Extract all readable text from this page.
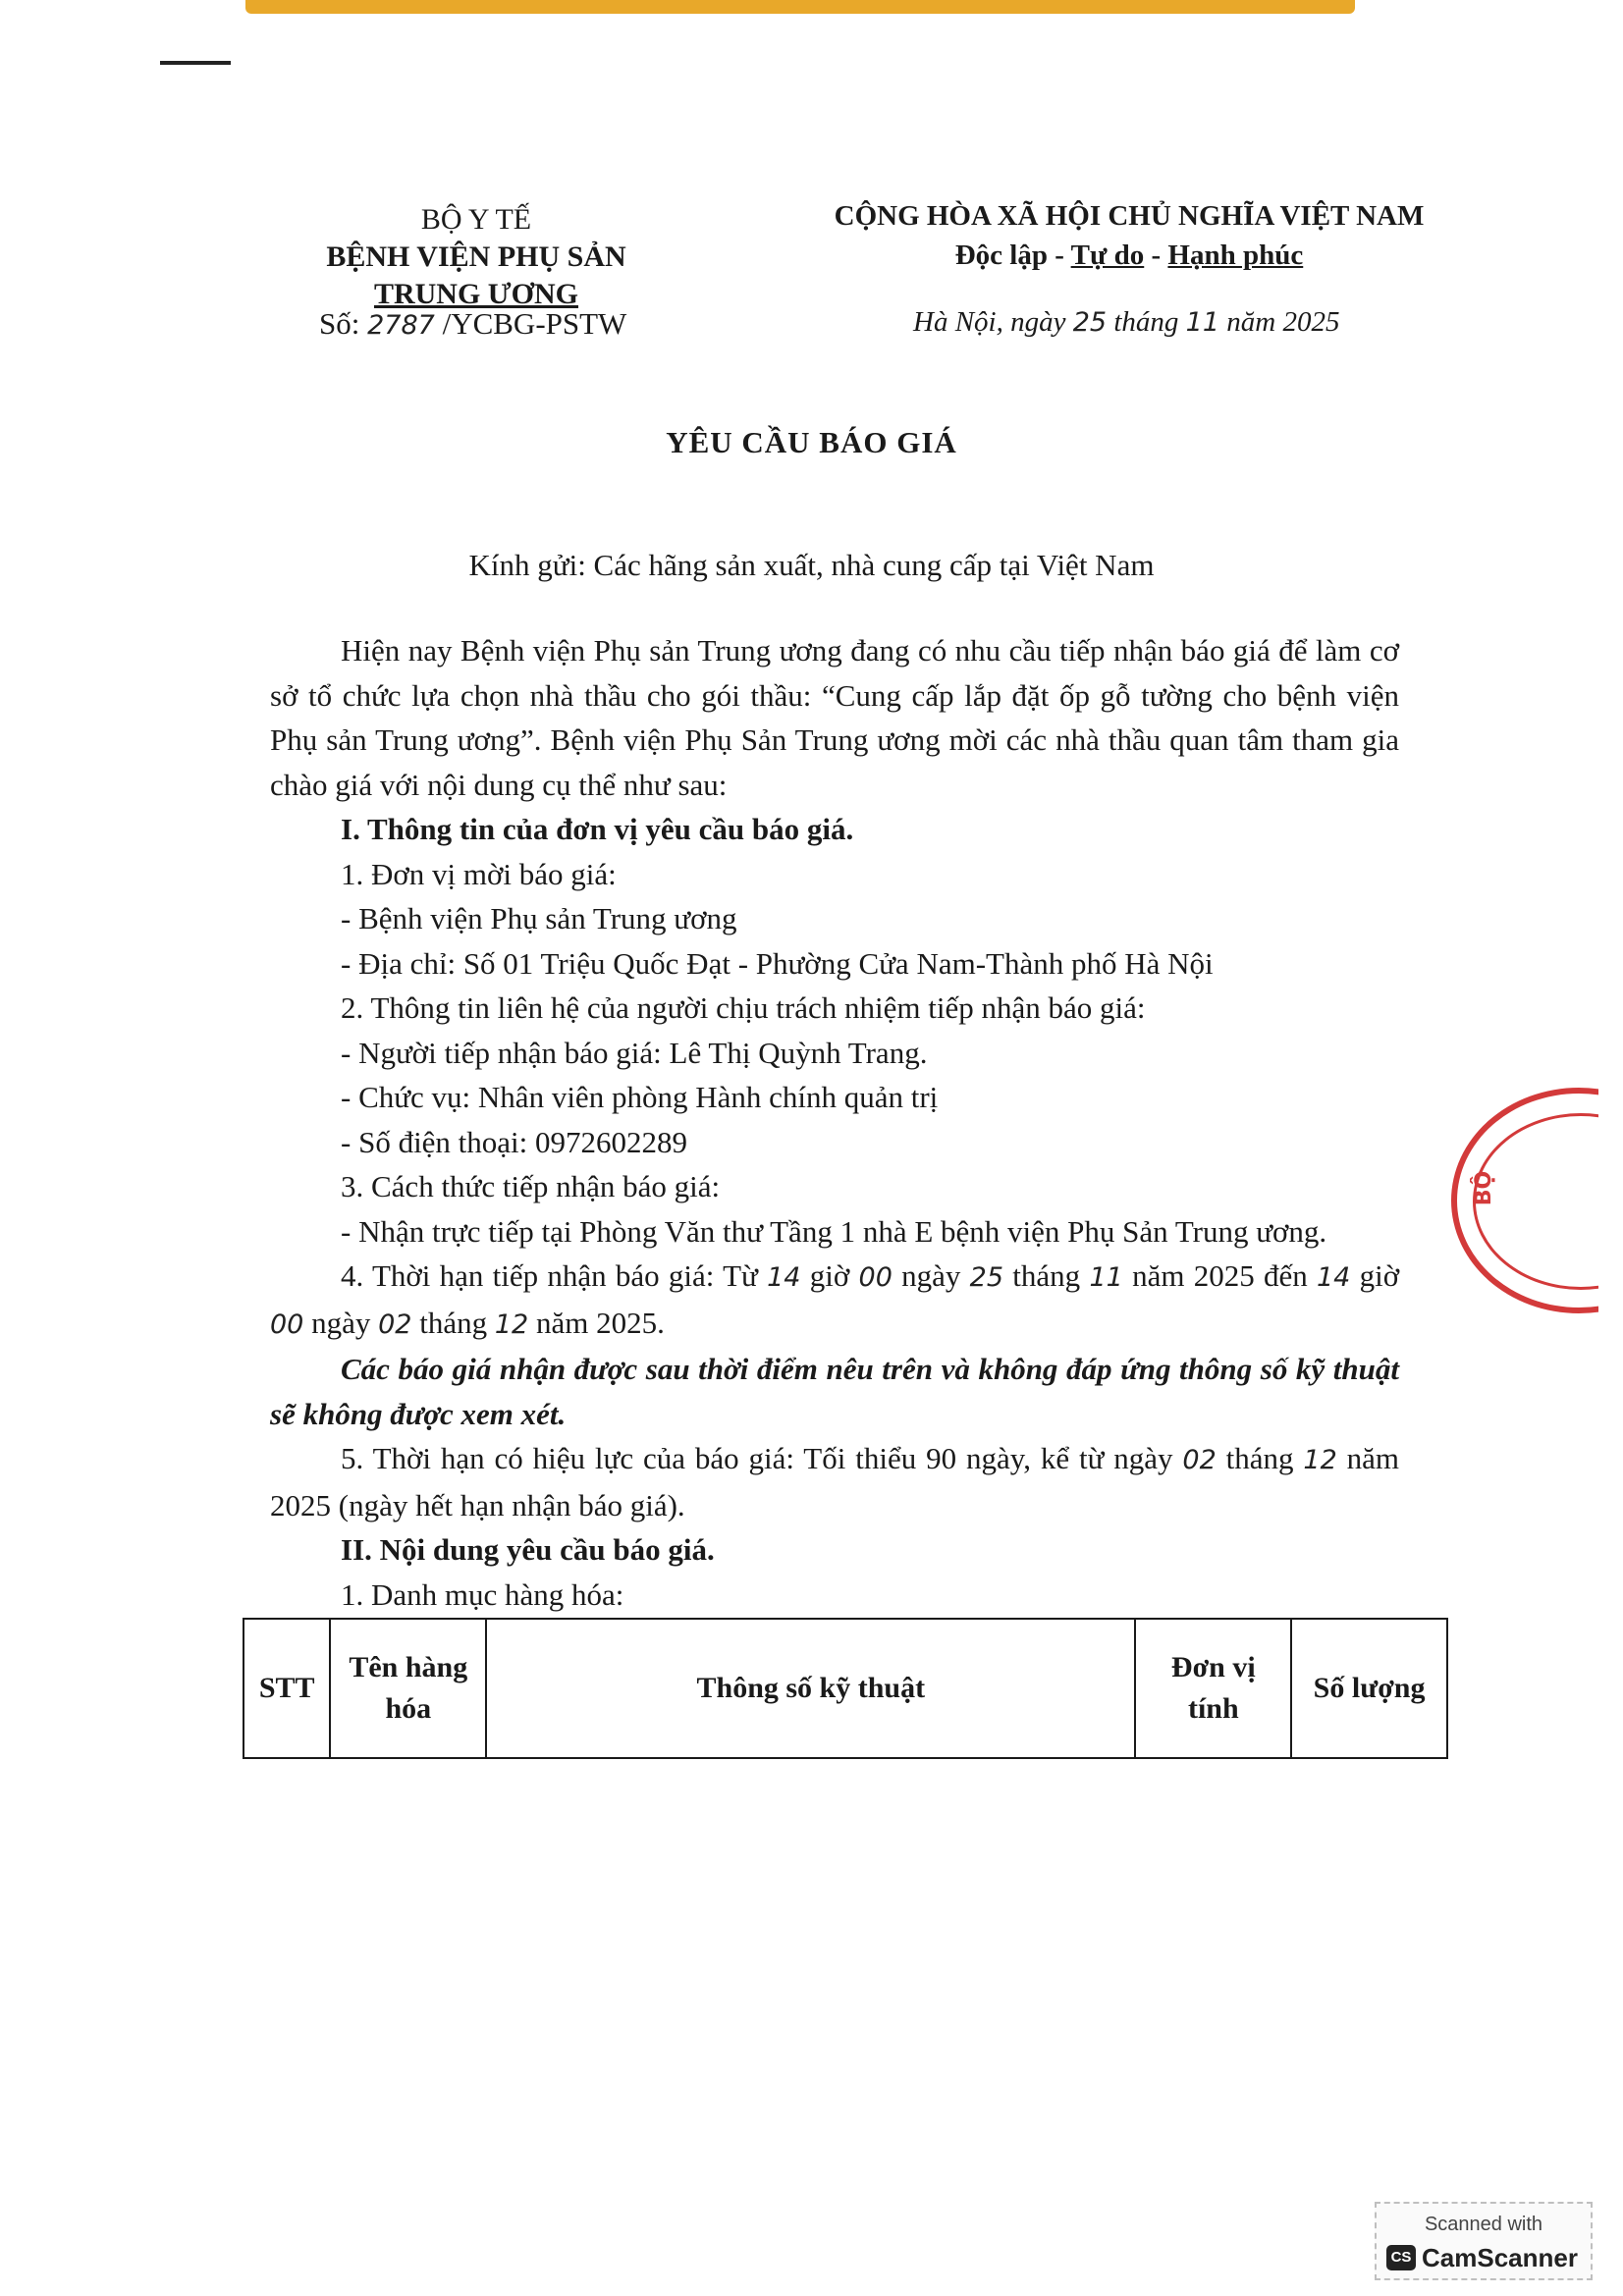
BỘ Y TẾ
BỆNH VIỆN PHỤ SẢN
TRUNG ƯƠNG
Số: 2787 /YCBG-PSTW
CỘNG HÒA XÃ HỘI CHỦ NGHĨA VIỆT NAM
Độc lập - Tự do - Hạnh phúc
Hà Nội, ngày 25 tháng 11 năm 2025
YÊU CẦU BÁO GIÁ
Kính gửi: Các hãng sản xuất, nhà cung cấp tại Việt Nam

Hiện nay Bệnh viện Phụ sản Trung ương đang có nhu cầu tiếp nhận báo giá để làm cơ sở tổ chức lựa chọn nhà thầu cho gói thầu: “Cung cấp lắp đặt ốp gỗ tường cho bệnh viện Phụ sản Trung ương”. Bệnh viện Phụ Sản Trung ương mời các nhà thầu quan tâm tham gia chào giá với nội dung cụ thể như sau:

I. Thông tin của đơn vị yêu cầu báo giá.

1. Đơn vị mời báo giá:

- Bệnh viện Phụ sản Trung ương

- Địa chỉ: Số 01 Triệu Quốc Đạt - Phường Cửa Nam-Thành phố Hà Nội

2. Thông tin liên hệ của người chịu trách nhiệm tiếp nhận báo giá:

- Người tiếp nhận báo giá: Lê Thị Quỳnh Trang.

- Chức vụ: Nhân viên phòng Hành chính quản trị

- Số điện thoại: 0972602289

3. Cách thức tiếp nhận báo giá:

- Nhận trực tiếp tại Phòng Văn thư Tầng 1 nhà E bệnh viện Phụ Sản Trung ương.

4. Thời hạn tiếp nhận báo giá: Từ 14 giờ 00 ngày 25 tháng 11 năm 2025 đến 14 giờ 00 ngày 02 tháng 12 năm 2025.

Các báo giá nhận được sau thời điểm nêu trên và không đáp ứng thông số kỹ thuật sẽ không được xem xét.

5. Thời hạn có hiệu lực của báo giá: Tối thiểu 90 ngày, kể từ ngày 02 tháng 12 năm 2025 (ngày hết hạn nhận báo giá).

II. Nội dung yêu cầu báo giá.

1. Danh mục hàng hóa:

STT	Tên hàng hóa	Thông số kỹ thuật	Đơn vị tính	Số lượng
BỘ
Scanned with
CS CamScanner
